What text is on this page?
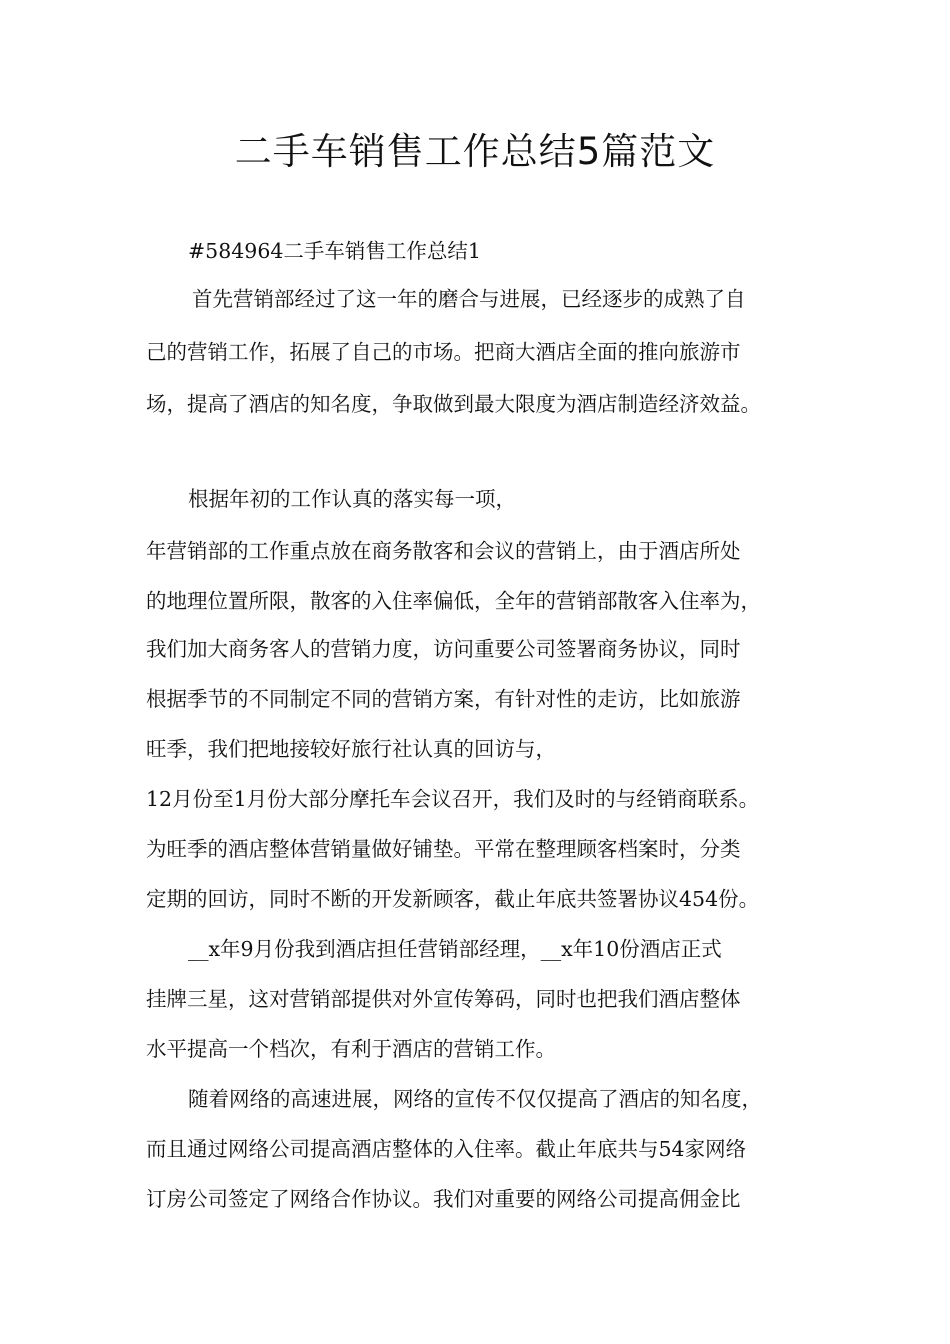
二手车销售工作总结5篇范文

#584964二手车销售工作总结1

首先营销部经过了这一年的磨合与进展，已经逐步的成熟了自

己的营销工作，拓展了自己的市场。把商大酒店全面的推向旅游市

场，提高了酒店的知名度，争取做到最大限度为酒店制造经济效益。

根据年初的工作认真的落实每一项，

年营销部的工作重点放在商务散客和会议的营销上，由于酒店所处

的地理位置所限，散客的入住率偏低，全年的营销部散客入住率为，

我们加大商务客人的营销力度，访问重要公司签署商务协议，同时

根据季节的不同制定不同的营销方案，有针对性的走访，比如旅游

旺季，我们把地接较好旅行社认真的回访与，

12月份至1月份大部分摩托车会议召开，我们及时的与经销商联系。

为旺季的酒店整体营销量做好铺垫。平常在整理顾客档案时，分类

定期的回访，同时不断的开发新顾客，截止年底共签署协议454份。

__x年9月份我到酒店担任营销部经理，__x年10份酒店正式

挂牌三星，这对营销部提供对外宣传筹码，同时也把我们酒店整体

水平提高一个档次，有利于酒店的营销工作。

随着网络的高速进展，网络的宣传不仅仅提高了酒店的知名度，

而且通过网络公司提高酒店整体的入住率。截止年底共与54家网络

订房公司签定了网络合作协议。我们对重要的网络公司提高佣金比
